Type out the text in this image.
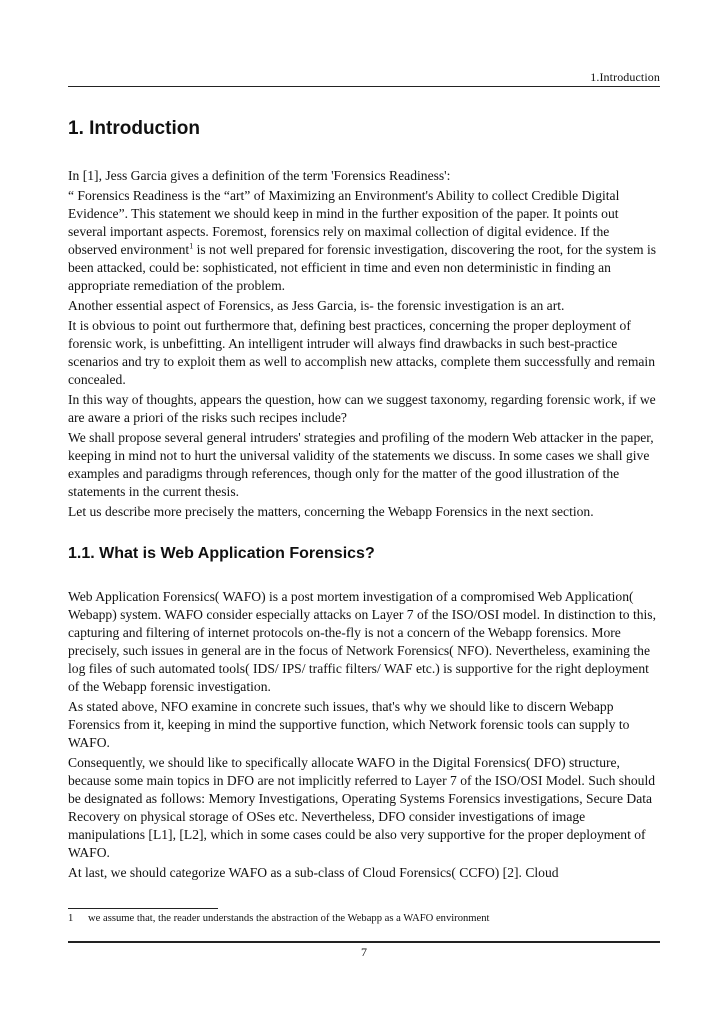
1.Introduction
1. Introduction

In [1], Jess Garcia gives a definition of the term 'Forensics Readiness':

“ Forensics Readiness is the “art” of Maximizing an Environment's Ability to collect Credible Digital Evidence”. This statement we should keep in mind in the further exposition of the paper. It points out several important aspects. Foremost, forensics rely on maximal collection of digital evidence. If the observed environment$^1$ is not well prepared for forensic investigation, discovering the root, for the system is been attacked, could be: sophisticated, not efficient in time and even non deterministic in finding an appropriate remediation of the problem.

Another essential aspect of Forensics, as Jess Garcia, is- the forensic investigation is an art.

It is obvious to point out furthermore that, defining best practices, concerning the proper deployment of forensic work, is unbefitting. An intelligent intruder will always find drawbacks in such best-practice scenarios and try to exploit them as well to accomplish new attacks, complete them successfully and remain concealed.

In this way of thoughts, appears the question, how can we suggest taxonomy, regarding forensic work, if we are aware a priori of the risks such recipes include?

We shall propose several general intruders' strategies and profiling of the modern Web attacker in the paper, keeping in mind not to hurt the universal validity of the statements we discuss. In some cases we shall give examples and paradigms through references, though only for the matter of the good illustration of the statements in the current thesis.

Let us describe more precisely the matters, concerning the Webapp Forensics in the next section.

1.1. What is Web Application Forensics?

Web Application Forensics( WAFO) is a post mortem investigation of a compromised Web Application( Webapp) system. WAFO consider especially attacks on Layer 7 of the ISO/OSI model. In distinction to this, capturing and filtering of internet protocols on-the-fly is not a concern of the Webapp forensics. More precisely, such issues in general are in the focus of Network Forensics( NFO). Nevertheless, examining the log files of such automated tools( IDS/ IPS/ traffic filters/ WAF etc.) is supportive for the right deployment of the Webapp forensic investigation.

As stated above, NFO examine in concrete such issues, that's why we should like to discern Webapp Forensics from it, keeping in mind the supportive function, which Network forensic tools can supply to WAFO.

Consequently, we should like to specifically allocate WAFO in the Digital Forensics( DFO) structure, because some main topics in DFO are not implicitly referred to Layer 7 of the ISO/OSI Model. Such should be designated as follows: Memory Investigations, Operating Systems Forensics investigations, Secure Data Recovery on physical storage of OSes etc. Nevertheless, DFO consider investigations of image manipulations [L1], [L2], which in some cases could be also very supportive for the proper deployment of WAFO.

At last, we should categorize WAFO as a sub-class of Cloud Forensics( CCFO) [2]. Cloud

1 we assume that, the reader understands the abstraction of the Webapp as a WAFO environment
7
